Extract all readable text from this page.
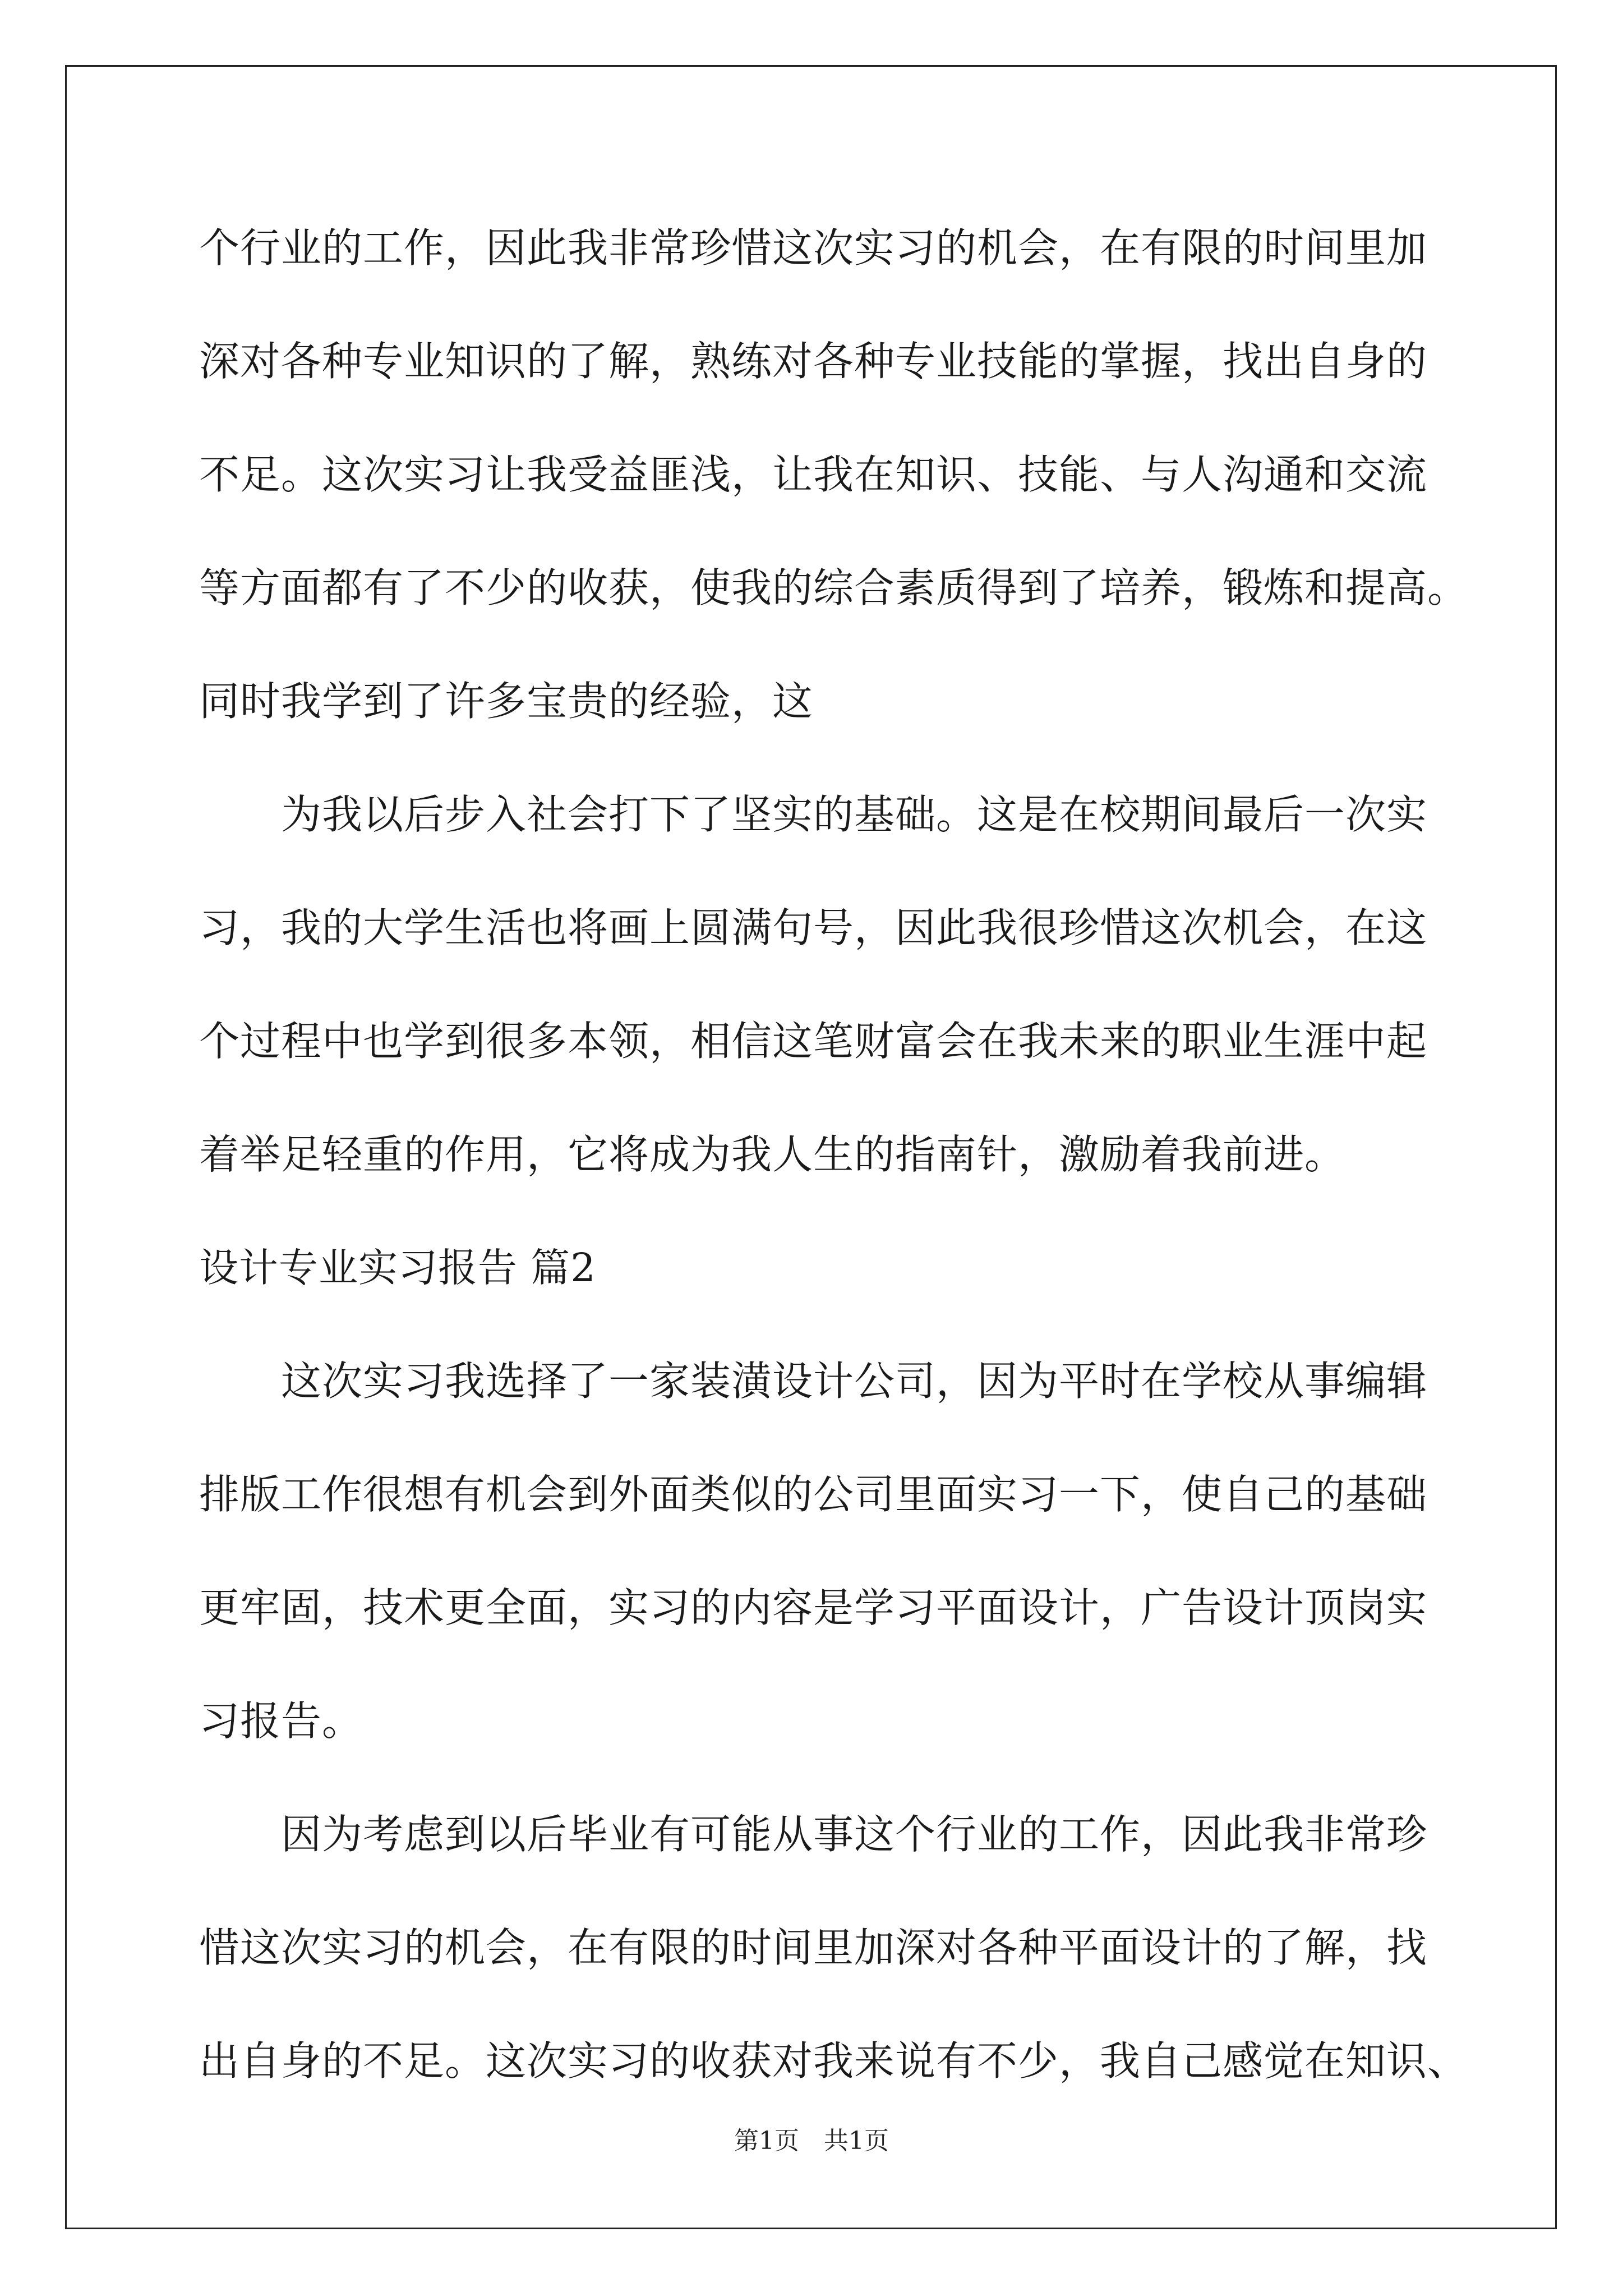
个行业的工作，因此我非常珍惜这次实习的机会，在有限的时间里加
深对各种专业知识的了解，熟练对各种专业技能的掌握，找出自身的
不足。这次实习让我受益匪浅，让我在知识、技能、与人沟通和交流
等方面都有了不少的收获，使我的综合素质得到了培养，锻炼和提高。
同时我学到了许多宝贵的经验，这
为我以后步入社会打下了坚实的基础。这是在校期间最后一次实
习，我的大学生活也将画上圆满句号，因此我很珍惜这次机会，在这
个过程中也学到很多本领，相信这笔财富会在我未来的职业生涯中起
着举足轻重的作用，它将成为我人生的指南针，激励着我前进。
设计专业实习报告 篇2
这次实习我选择了一家装潢设计公司，因为平时在学校从事编辑
排版工作很想有机会到外面类似的公司里面实习一下，使自己的基础
更牢固，技术更全面，实习的内容是学习平面设计，广告设计顶岗实
习报告。
因为考虑到以后毕业有可能从事这个行业的工作，因此我非常珍
惜这次实习的机会，在有限的时间里加深对各种平面设计的了解，找
出自身的不足。这次实习的收获对我来说有不少，我自己感觉在知识、
第1页　共1页
